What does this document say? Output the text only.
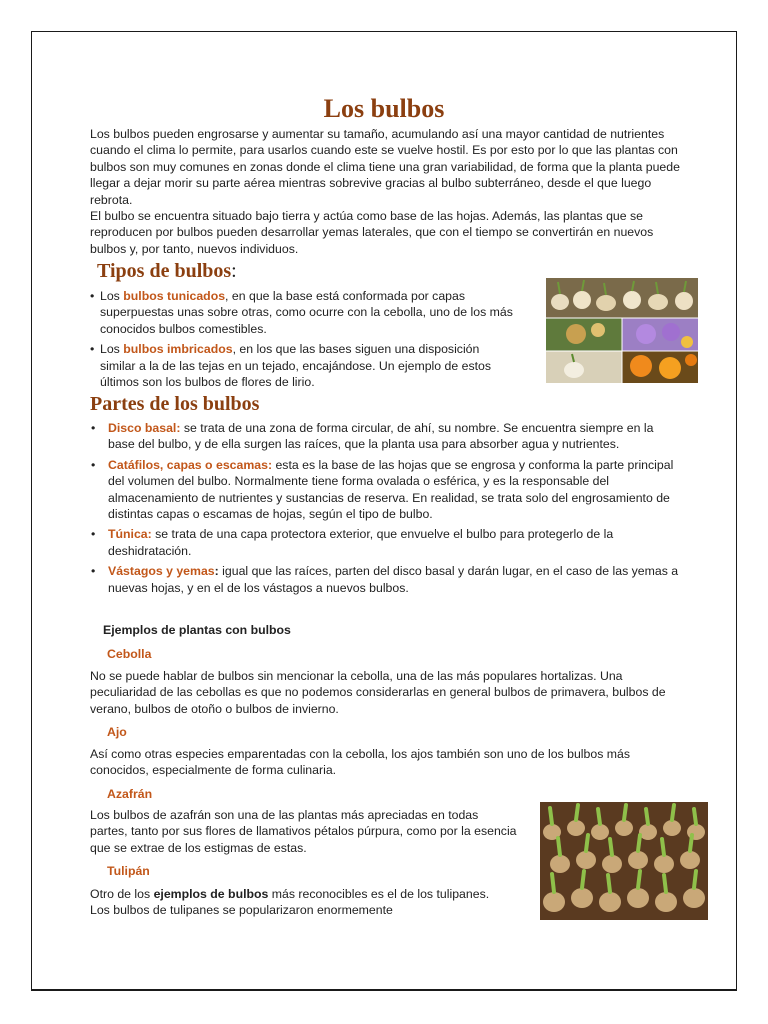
Los bulbos

Los bulbos pueden engrosarse y aumentar su tamaño, acumulando así una mayor cantidad de nutrientes cuando el clima lo permite, para usarlos cuando este se vuelve hostil. Es por esto por lo que las plantas con bulbos son muy comunes en zonas donde el clima tiene una gran variabilidad, de forma que la planta puede llegar a dejar morir su parte aérea mientras sobrevive gracias al bulbo subterráneo, desde el que luego rebrota.

El bulbo se encuentra situado bajo tierra y actúa como base de las hojas. Además, las plantas que se reproducen por bulbos pueden desarrollar yemas laterales, que con el tiempo se convertirán en nuevos bulbos y, por tanto, nuevos individuos.

Tipos de bulbos:
• Los bulbos tunicados, en que la base está conformada por capas superpuestas unas sobre otras, como ocurre con la cebolla, uno de los más conocidos bulbos comestibles.
• Los bulbos imbricados, en los que las bases siguen una disposición similar a la de las tejas en un tejado, encajándose. Un ejemplo de estos últimos son los bulbos de flores de lirio.
Partes de los bulbos
• Disco basal: se trata de una zona de forma circular, de ahí, su nombre. Se encuentra siempre en la base del bulbo, y de ella surgen las raíces, que la planta usa para absorber agua y nutrientes.
• Catáfilos, capas o escamas: esta es la base de las hojas que se engrosa y conforma la parte principal del volumen del bulbo. Normalmente tiene forma ovalada o esférica, y es la responsable del almacenamiento de nutrientes y sustancias de reserva. En realidad, se trata solo del engrosamiento de distintas capas o escamas de hojas, según el tipo de bulbo.
• Túnica: se trata de una capa protectora exterior, que envuelve el bulbo para protegerlo de la deshidratación.
• Vástagos y yemas: igual que las raíces, parten del disco basal y darán lugar, en el caso de las yemas a nuevas hojas, y en el de los vástagos a nuevos bulbos.

Ejemplos de plantas con bulbos

Cebolla

No se puede hablar de bulbos sin mencionar la cebolla, una de las más populares hortalizas. Una peculiaridad de las cebollas es que no podemos considerarlas en general bulbos de primavera, bulbos de verano, bulbos de otoño o bulbos de invierno.

Ajo

Así como otras especies emparentadas con la cebolla, los ajos también son uno de los bulbos más conocidos, especialmente de forma culinaria.

Azafrán

Los bulbos de azafrán son una de las plantas más apreciadas en todas partes, tanto por sus flores de llamativos pétalos púrpura, como por la esencia que se extrae de los estigmas de estas.

Tulipán

Otro de los ejemplos de bulbos más reconocibles es el de los tulipanes. Los bulbos de tulipanes se popularizaron enormemente
